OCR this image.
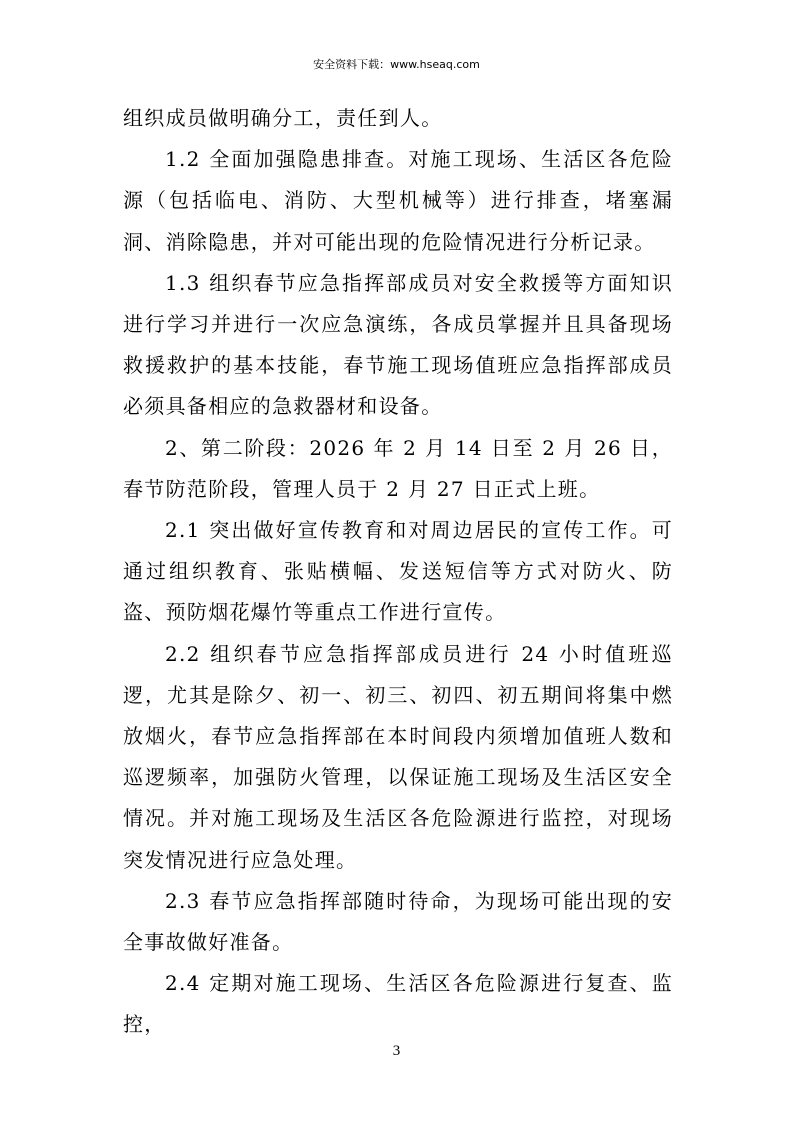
安全资料下载：www.hseaq.com

组织成员做明确分工，责任到人。

1.2 全面加强隐患排查。对施工现场、生活区各危险源（包括临电、消防、大型机械等）进行排查，堵塞漏洞、消除隐患，并对可能出现的危险情况进行分析记录。

1.3 组织春节应急指挥部成员对安全救援等方面知识进行学习并进行一次应急演练，各成员掌握并且具备现场救援救护的基本技能，春节施工现场值班应急指挥部成员必须具备相应的急救器材和设备。

2、第二阶段：2026 年 2 月 14 日至 2 月 26 日，春节防范阶段，管理人员于 2 月 27 日正式上班。

2.1 突出做好宣传教育和对周边居民的宣传工作。可通过组织教育、张贴横幅、发送短信等方式对防火、防盗、预防烟花爆竹等重点工作进行宣传。

2.2 组织春节应急指挥部成员进行 24 小时值班巡逻，尤其是除夕、初一、初三、初四、初五期间将集中燃放烟火，春节应急指挥部在本时间段内须增加值班人数和巡逻频率，加强防火管理，以保证施工现场及生活区安全情况。并对施工现场及生活区各危险源进行监控，对现场突发情况进行应急处理。

2.3 春节应急指挥部随时待命，为现场可能出现的安全事故做好准备。

2.4 定期对施工现场、生活区各危险源进行复查、监控，

3
